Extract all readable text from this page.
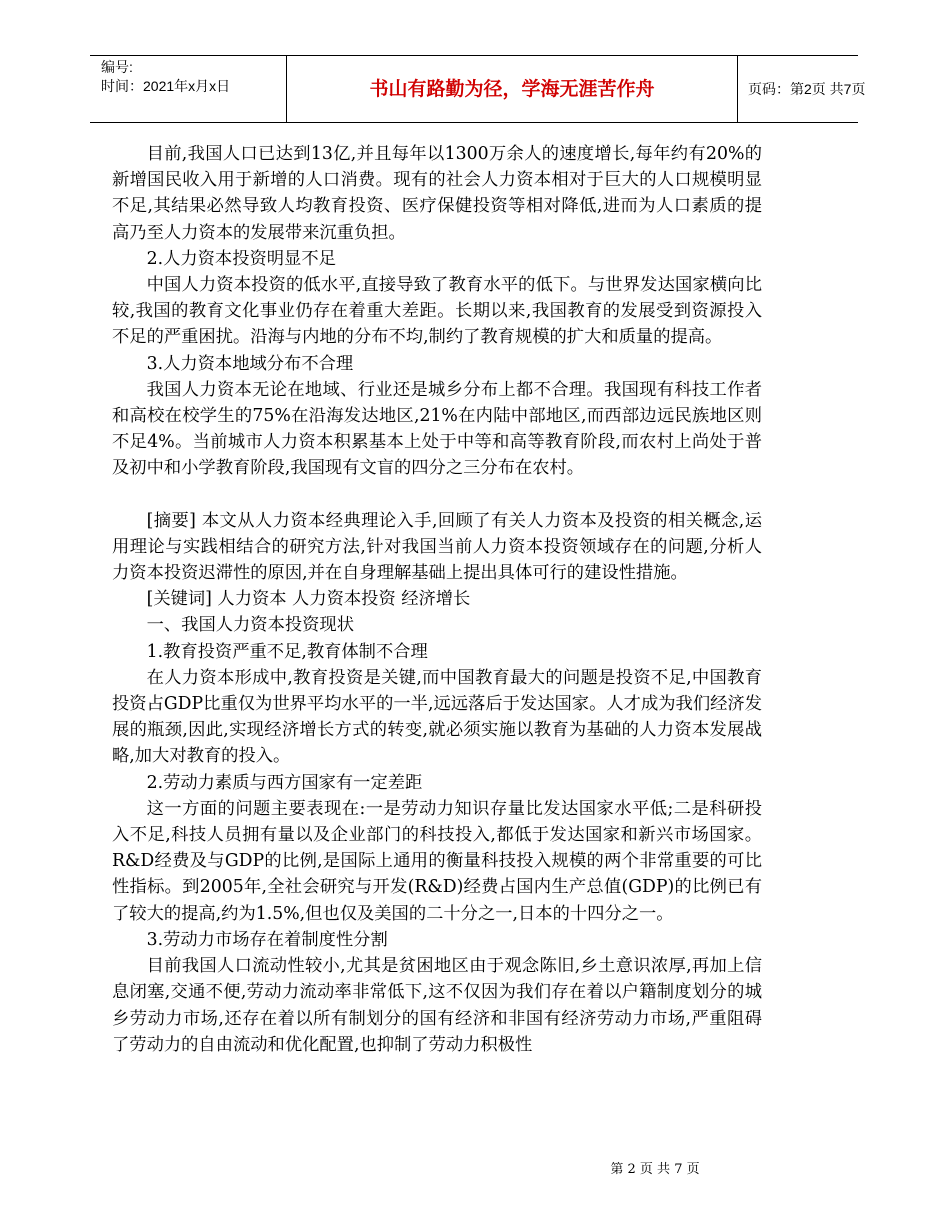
编号:
时间：2021年x月x日	书山有路勤为径，学海无涯苦作舟	页码：第2页 共7页

目前,我国人口已达到13亿,并且每年以1300万余人的速度增长,每年约有20%的新增国民收入用于新增的人口消费。现有的社会人力资本相对于巨大的人口规模明显不足,其结果必然导致人均教育投资、医疗保健投资等相对降低,进而为人口素质的提高乃至人力资本的发展带来沉重负担。

2.人力资本投资明显不足

中国人力资本投资的低水平,直接导致了教育水平的低下。与世界发达国家横向比较,我国的教育文化事业仍存在着重大差距。长期以来,我国教育的发展受到资源投入不足的严重困扰。沿海与内地的分布不均,制约了教育规模的扩大和质量的提高。

3.人力资本地域分布不合理

我国人力资本无论在地域、行业还是城乡分布上都不合理。我国现有科技工作者和高校在校学生的75%在沿海发达地区,21%在内陆中部地区,而西部边远民族地区则不足4%。当前城市人力资本积累基本上处于中等和高等教育阶段,而农村上尚处于普及初中和小学教育阶段,我国现有文盲的四分之三分布在农村。

[摘要] 本文从人力资本经典理论入手,回顾了有关人力资本及投资的相关概念,运用理论与实践相结合的研究方法,针对我国当前人力资本投资领域存在的问题,分析人力资本投资迟滞性的原因,并在自身理解基础上提出具体可行的建设性措施。

[关键词] 人力资本 人力资本投资 经济增长

一、我国人力资本投资现状

1.教育投资严重不足,教育体制不合理

在人力资本形成中,教育投资是关键,而中国教育最大的问题是投资不足,中国教育投资占GDP比重仅为世界平均水平的一半,远远落后于发达国家。人才成为我们经济发展的瓶颈,因此,实现经济增长方式的转变,就必须实施以教育为基础的人力资本发展战略,加大对教育的投入。

2.劳动力素质与西方国家有一定差距

这一方面的问题主要表现在:一是劳动力知识存量比发达国家水平低;二是科研投入不足,科技人员拥有量以及企业部门的科技投入,都低于发达国家和新兴市场国家。R&D经费及与GDP的比例,是国际上通用的衡量科技投入规模的两个非常重要的可比性指标。到2005年,全社会研究与开发(R&D)经费占国内生产总值(GDP)的比例已有了较大的提高,约为1.5%,但也仅及美国的二十分之一,日本的十四分之一。

3.劳动力市场存在着制度性分割

目前我国人口流动性较小,尤其是贫困地区由于观念陈旧,乡土意识浓厚,再加上信息闭塞,交通不便,劳动力流动率非常低下,这不仅因为我们存在着以户籍制度划分的城乡劳动力市场,还存在着以所有制划分的国有经济和非国有经济劳动力市场,严重阻碍了劳动力的自由流动和优化配置,也抑制了劳动力积极性

第 2 页 共 7 页
